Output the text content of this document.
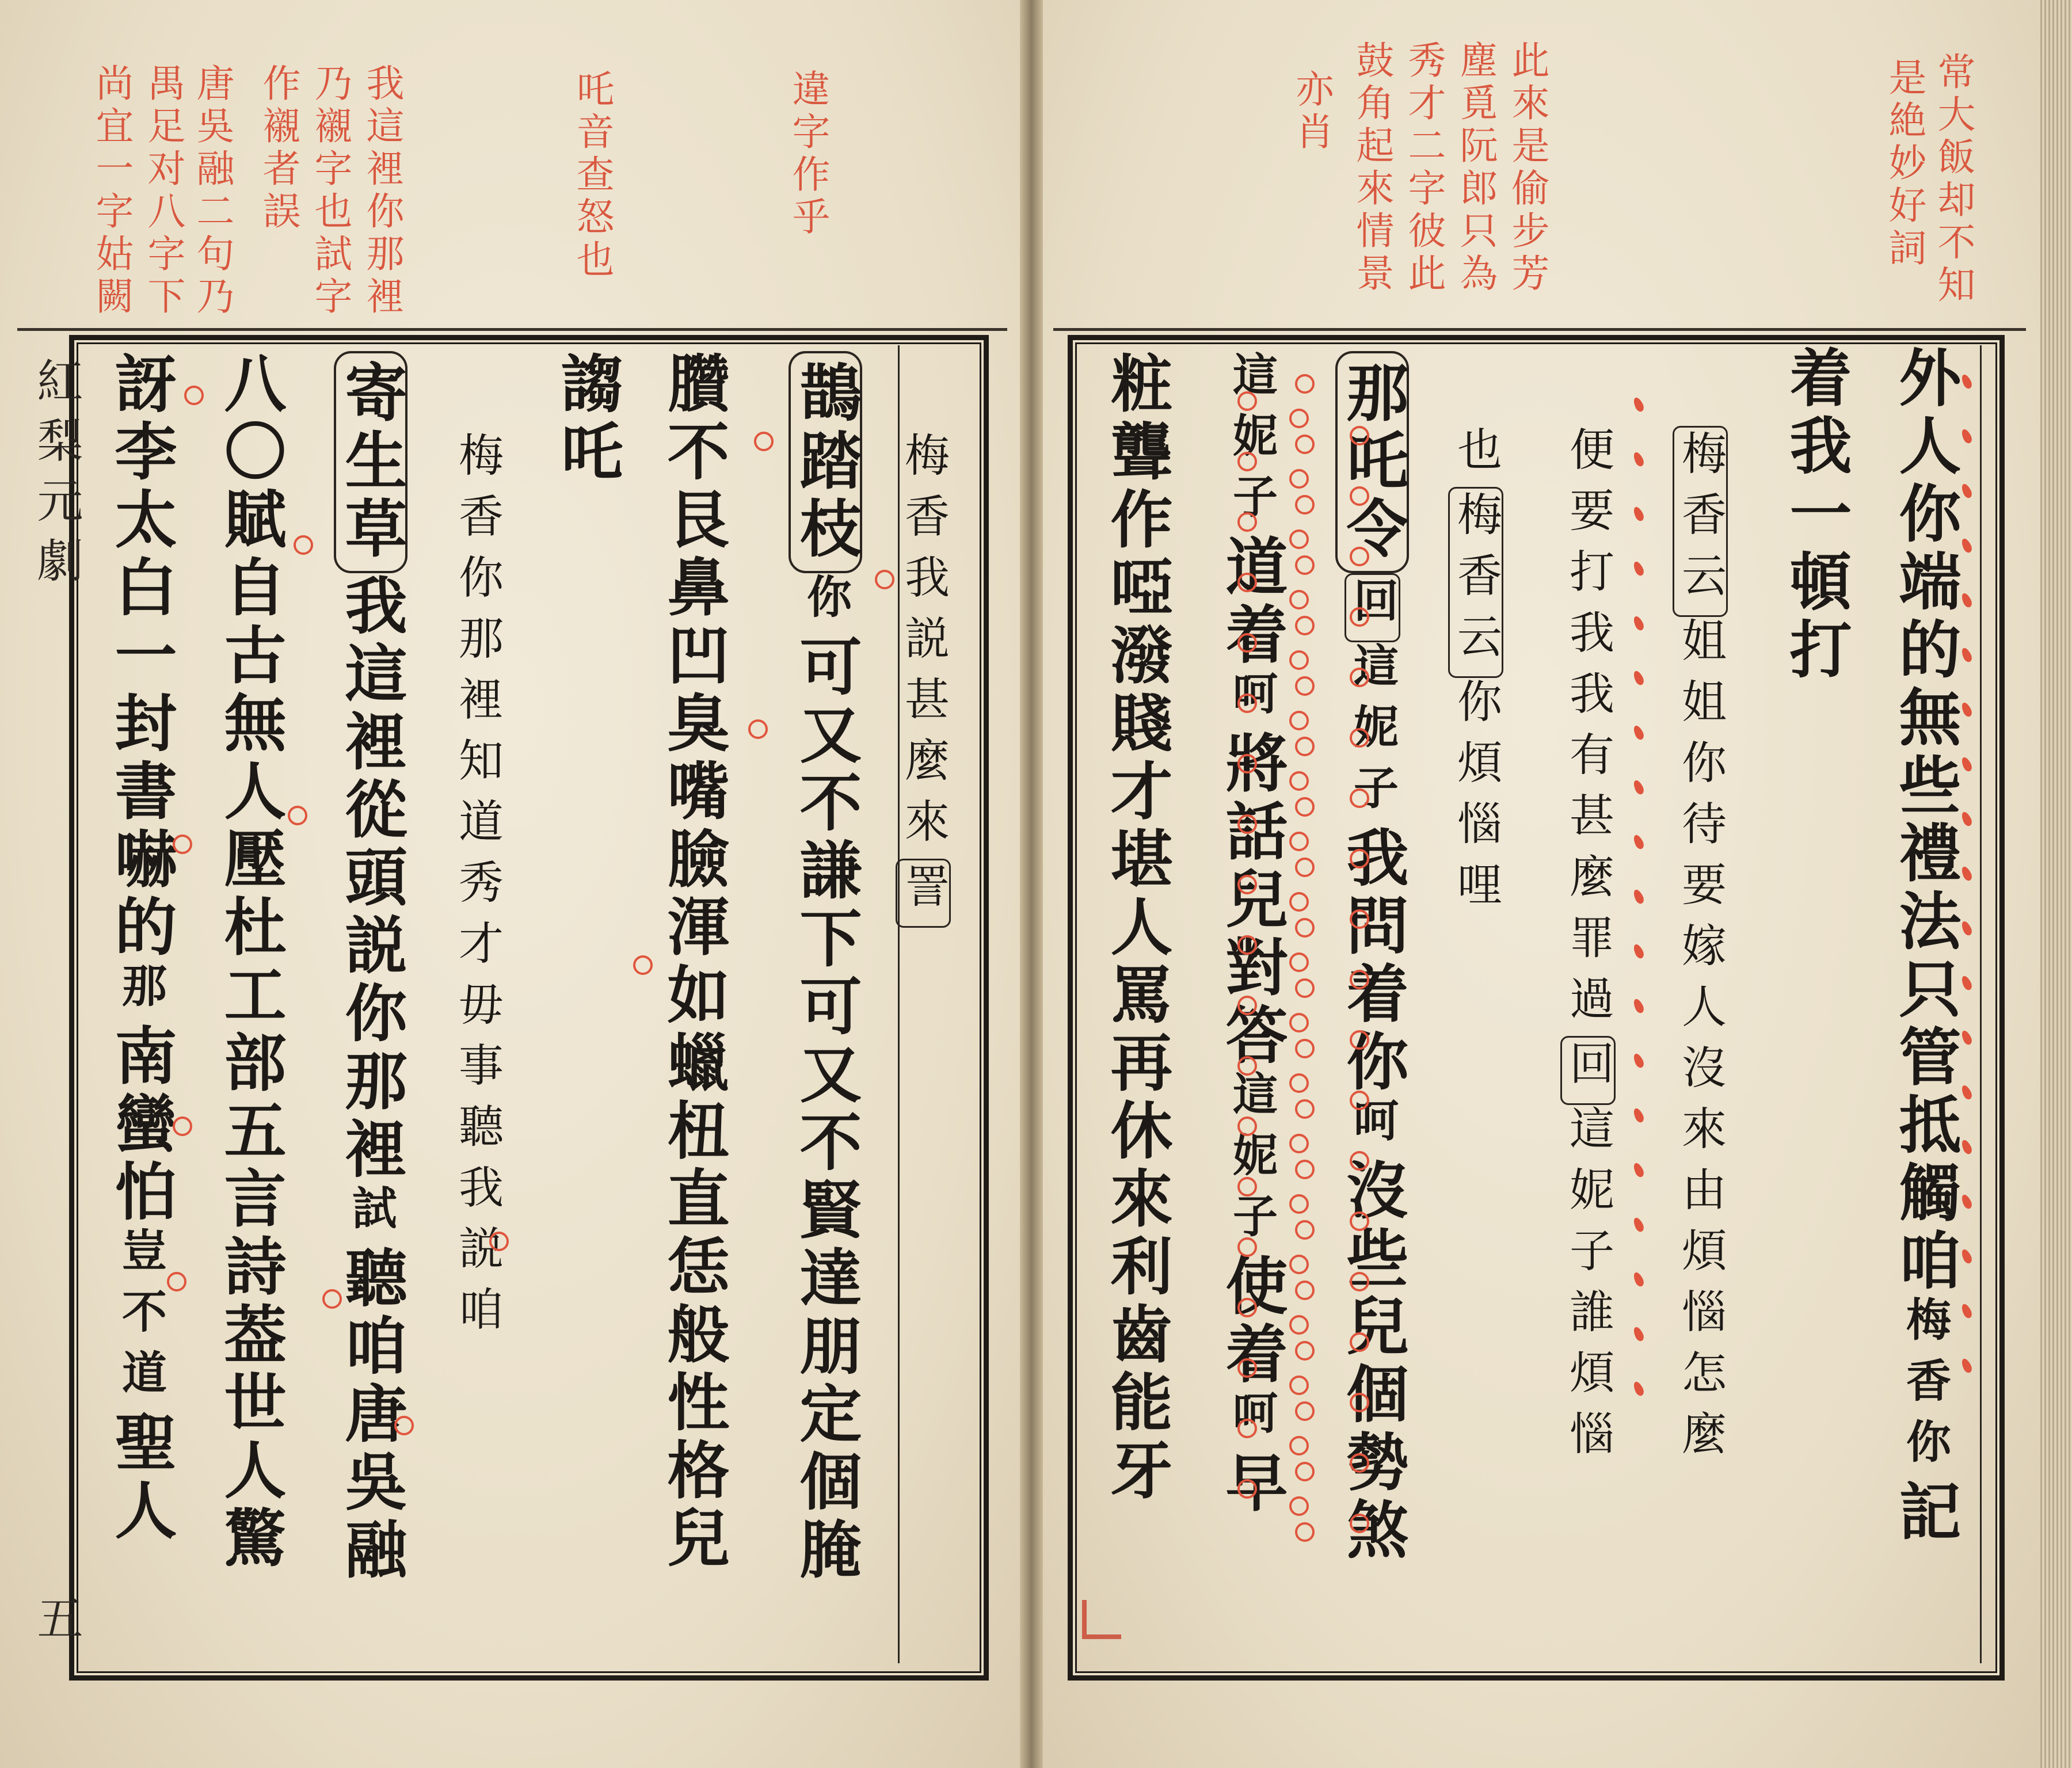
紅梨元劇
五
違字作乎
吒音查怒也
我這裡你那裡
乃襯字也試字
作襯者誤
唐吳融二句乃
禺足对八字下
尚宜一字姑闕
梅香我説甚麼來詈
鵲踏枝你可又不謙下可又不賢達朋定個腌
臢不艮鼻凹臭嘴臉渾如蠟杻直恁般性格兒
謅吒
梅香你那裡知道秀才毋事聽我説咱
寄生草我這裡從頭説你那裡試聽咱唐吳融
八〇賦自古無人壓杜工部五言詩葢世人驚
訝李太白一封書嚇的那南蠻怕豈不道聖人
常大飯却不知
是絶妙好詞
此來是偷步芳
塵覓阮郎只為
秀才二字彼此
鼓角起來情景
亦肖
外人你端的無些禮法只管抵觸咱梅香你記
着我一頓打
梅香云姐姐你待要嫁人沒來由煩惱怎麼
便要打我我有甚麼罪過回這妮子誰煩惱
也梅香云你煩惱哩
那吒令回這妮子我問着你呵沒些兒個勢煞
這妮子道着呵將話兒對答這妮子使着呵早
粧聾作啞潑賤才堪人罵再休來利齒能牙
